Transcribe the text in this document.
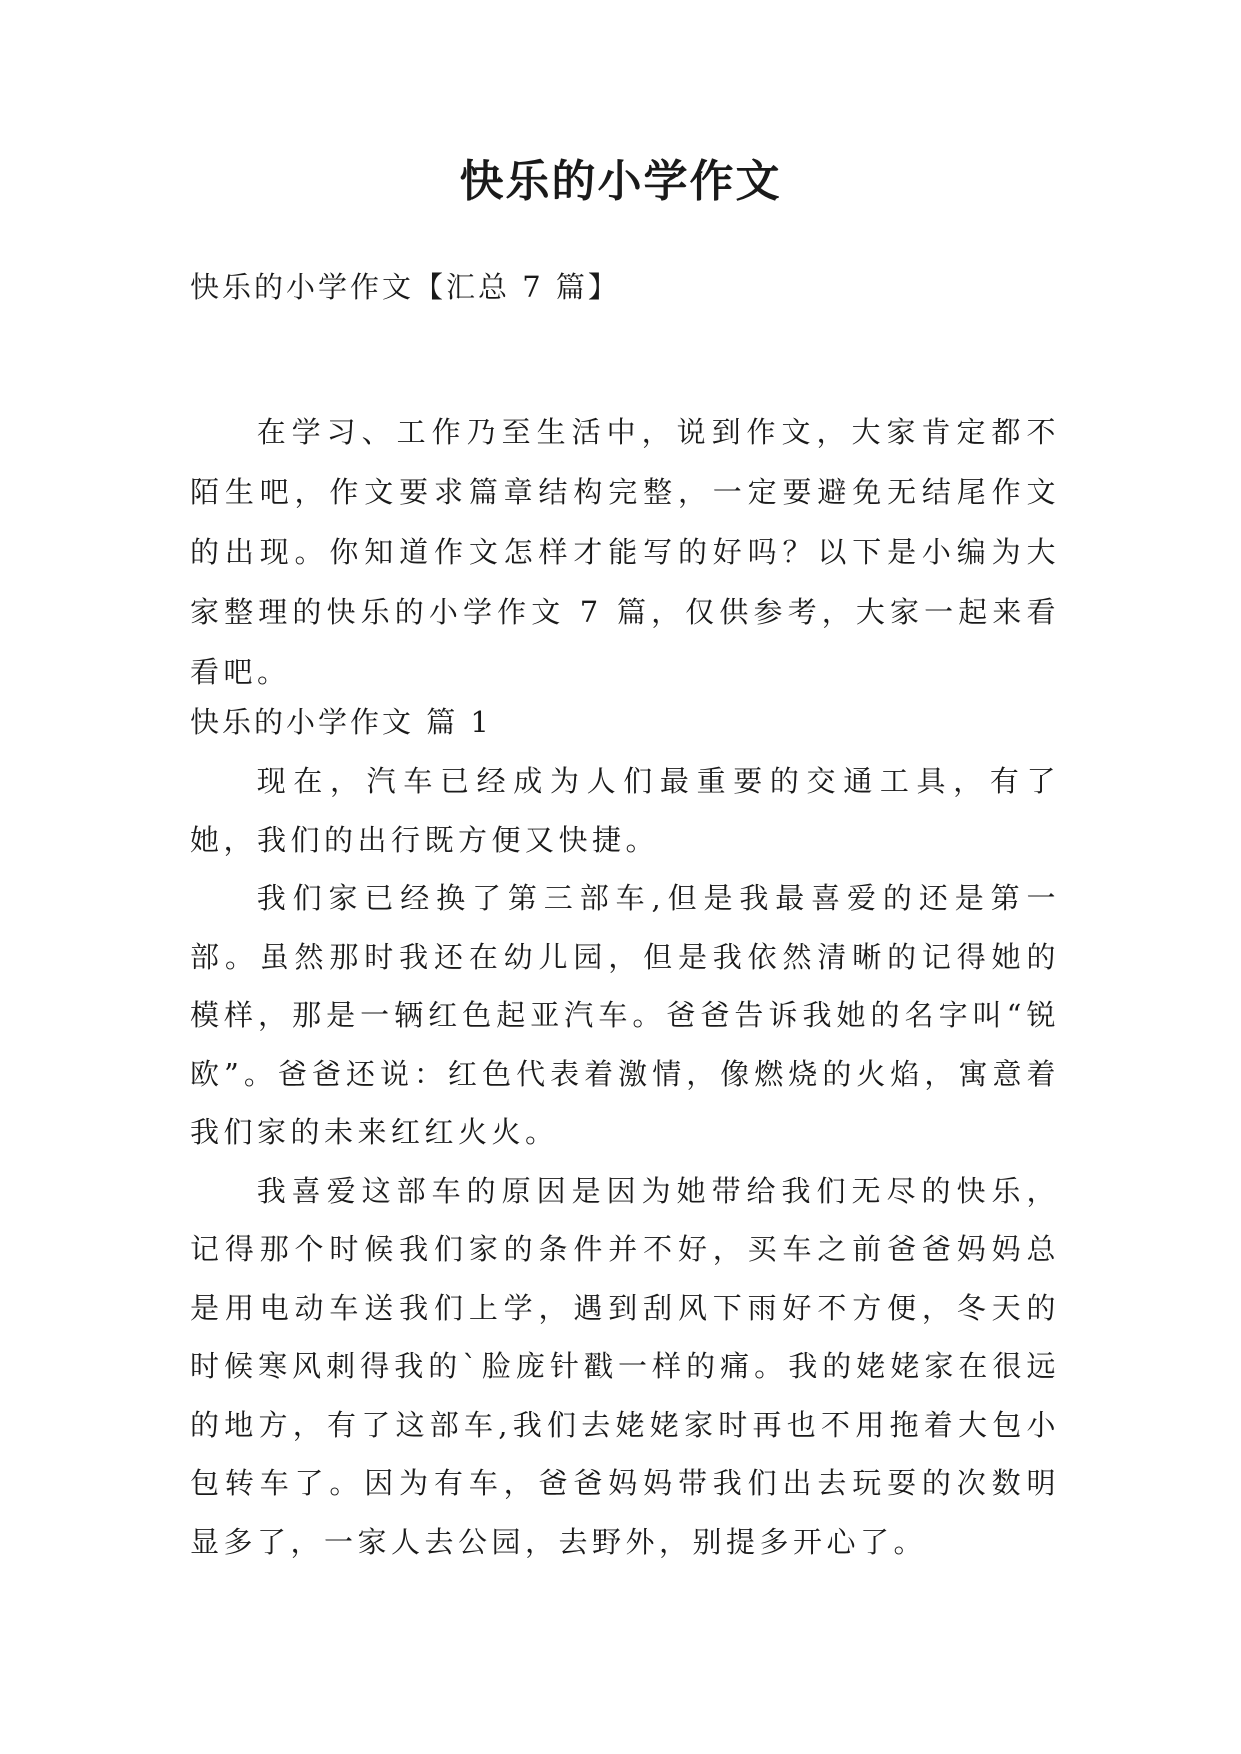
快乐的小学作文
快乐的小学作文【汇总 7 篇】

在学习、工作乃至生活中，说到作文，大家肯定都不陌生吧，作文要求篇章结构完整，一定要避免无结尾作文的出现。你知道作文怎样才能写的好吗？以下是小编为大家整理的快乐的小学作文 7 篇，仅供参考，大家一起来看看吧。

快乐的小学作文 篇 1

现在，汽车已经成为人们最重要的交通工具，有了她，我们的出行既方便又快捷。

我们家已经换了第三部车,但是我最喜爱的还是第一部。虽然那时我还在幼儿园，但是我依然清晰的记得她的模样，那是一辆红色起亚汽车。爸爸告诉我她的名字叫“锐欧”。爸爸还说：红色代表着激情，像燃烧的火焰，寓意着我们家的未来红红火火。

我喜爱这部车的原因是因为她带给我们无尽的快乐，记得那个时候我们家的条件并不好，买车之前爸爸妈妈总是用电动车送我们上学，遇到刮风下雨好不方便，冬天的时候寒风刺得我的`脸庞针戳一样的痛。我的姥姥家在很远的地方，有了这部车,我们去姥姥家时再也不用拖着大包小包转车了。因为有车，爸爸妈妈带我们出去玩耍的次数明显多了，一家人去公园，去野外，别提多开心了。
